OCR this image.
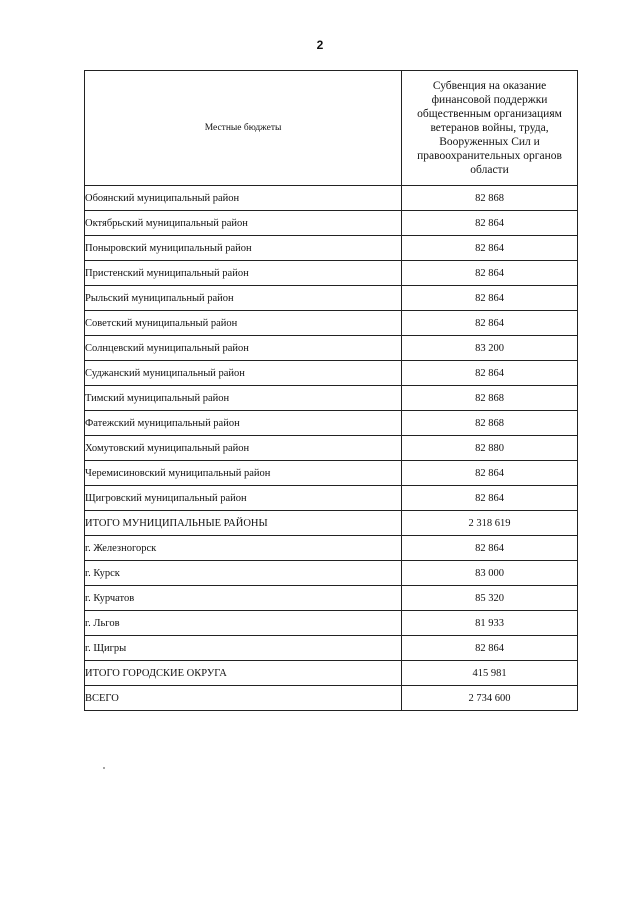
2
Местные бюджеты	Субвенция на оказание финансовой поддержки общественным организациям ветеранов войны, труда, Вооруженных Сил и правоохранительных органов области
Обоянский муниципальный район	82 868
Октябрьский муниципальный район	82 864
Поныровский муниципальный район	82 864
Пристенский муниципальный район	82 864
Рыльский муниципальный район	82 864
Советский муниципальный район	82 864
Солнцевский муниципальный район	83 200
Суджанский муниципальный район	82 864
Тимский муниципальный район	82 868
Фатежский муниципальный район	82 868
Хомутовский муниципальный район	82 880
Черемисиновский муниципальный район	82 864
Щигровский муниципальный район	82 864
ИТОГО МУНИЦИПАЛЬНЫЕ РАЙОНЫ	2 318 619
г. Железногорск	82 864
г. Курск	83 000
г. Курчатов	85 320
г. Льгов	81 933
г. Щигры	82 864
ИТОГО ГОРОДСКИЕ ОКРУГА	415 981
ВСЕГО	2 734 600
